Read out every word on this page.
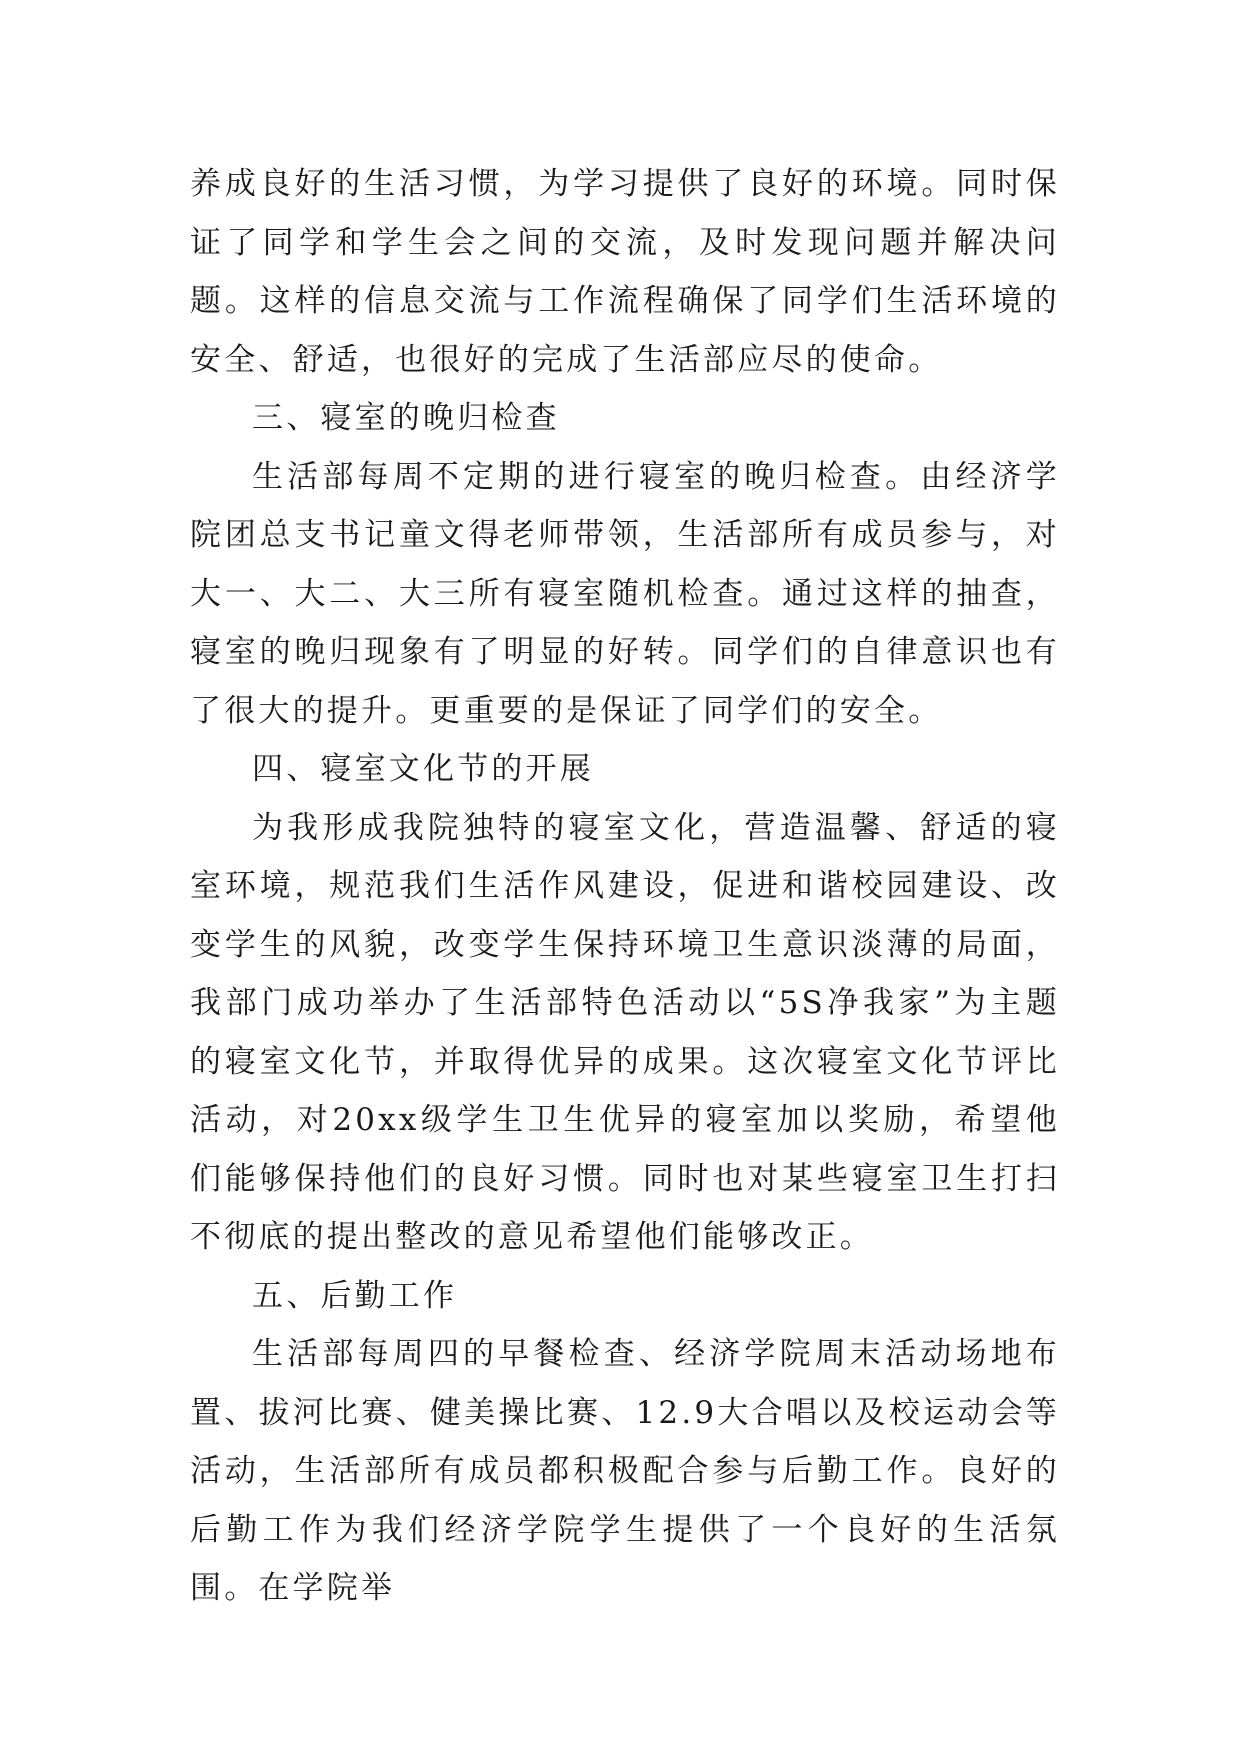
养成良好的生活习惯，为学习提供了良好的环境。同时保证了同学和学生会之间的交流，及时发现问题并解决问题。这样的信息交流与工作流程确保了同学们生活环境的安全、舒适，也很好的完成了生活部应尽的使命。

三、寝室的晚归检查

生活部每周不定期的进行寝室的晚归检查。由经济学院团总支书记童文得老师带领，生活部所有成员参与，对大一、大二、大三所有寝室随机检查。通过这样的抽查，寝室的晚归现象有了明显的好转。同学们的自律意识也有了很大的提升。更重要的是保证了同学们的安全。

四、寝室文化节的开展

为我形成我院独特的寝室文化，营造温馨、舒适的寝室环境，规范我们生活作风建设，促进和谐校园建设、改变学生的风貌，改变学生保持环境卫生意识淡薄的局面，我部门成功举办了生活部特色活动以“5S净我家”为主题的寝室文化节，并取得优异的成果。这次寝室文化节评比活动，对20xx级学生卫生优异的寝室加以奖励，希望他们能够保持他们的良好习惯。同时也对某些寝室卫生打扫不彻底的提出整改的意见希望他们能够改正。

五、后勤工作

生活部每周四的早餐检查、经济学院周末活动场地布置、拔河比赛、健美操比赛、12.9大合唱以及校运动会等活动，生活部所有成员都积极配合参与后勤工作。良好的后勤工作为我们经济学院学生提供了一个良好的生活氛围。在学院举
